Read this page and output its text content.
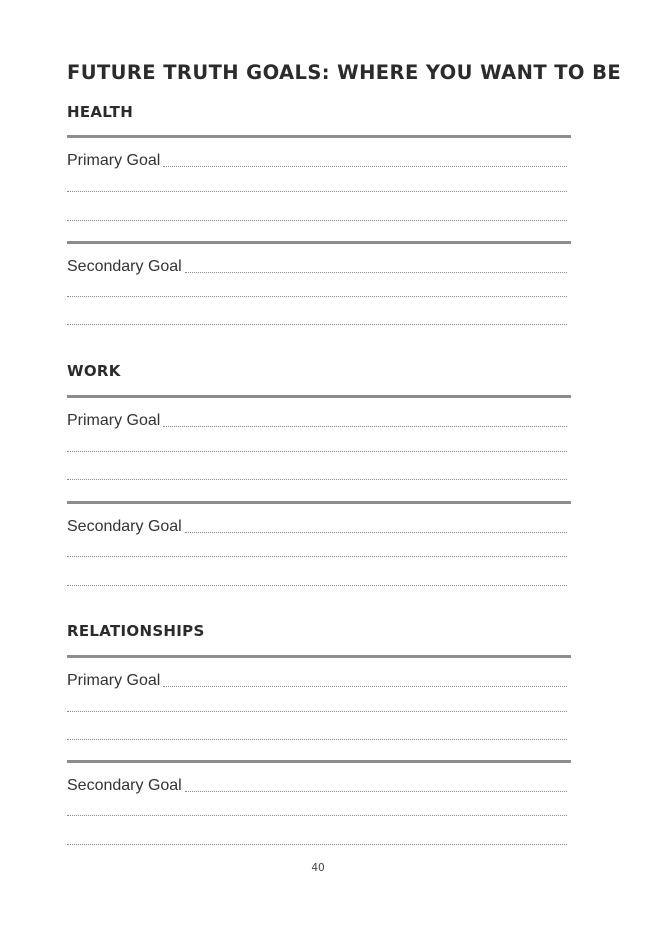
FUTURE TRUTH GOALS: WHERE YOU WANT TO BE
HEALTH
Primary Goal
Secondary Goal
WORK
Primary Goal
Secondary Goal
RELATIONSHIPS
Primary Goal
Secondary Goal
40
